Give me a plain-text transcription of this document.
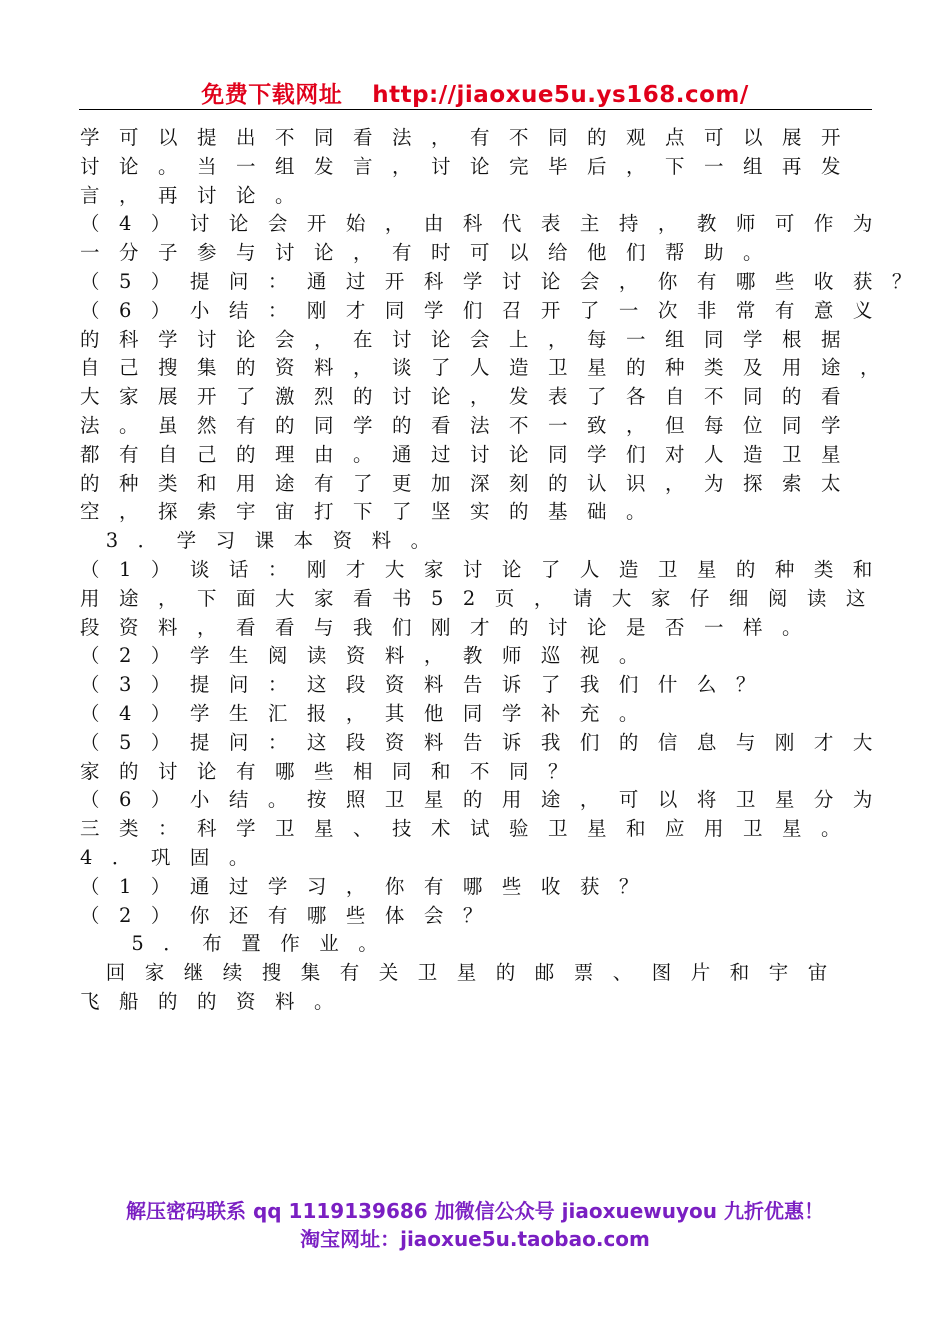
免费下载网址 http://jiaoxue5u.ys168.com/
学可以提出不同看法，有不同的观点可以展开
讨论。当一组发言，讨论完毕后，下一组再发
言，再讨论。
（4）讨论会开始，由科代表主持，教师可作为
一分子参与讨论，有时可以给他们帮助。
（5）提问：通过开科学讨论会，你有哪些收获？
（6）小结：刚才同学们召开了一次非常有意义
的科学讨论会，在讨论会上，每一组同学根据
自己搜集的资料，谈了人造卫星的种类及用途，
大家展开了激烈的讨论，发表了各自不同的看
法。虽然有的同学的看法不一致，但每位同学
都有自己的理由。通过讨论同学们对人造卫星
的种类和用途有了更加深刻的认识，为探索太
空，探索宇宙打下了坚实的基础。
3．学习课本资料。
（1）谈话：刚才大家讨论了人造卫星的种类和
用途，下面大家看书52页，请大家仔细阅读这
段资料，看看与我们刚才的讨论是否一样。
（2）学生阅读资料，教师巡视。
（3）提问：这段资料告诉了我们什么？
（4）学生汇报，其他同学补充。
（5）提问：这段资料告诉我们的信息与刚才大
家的讨论有哪些相同和不同？
（6）小结。按照卫星的用途，可以将卫星分为
三类：科学卫星、技术试验卫星和应用卫星。
4．巩固。
（1）通过学习，你有哪些收获？
（2）你还有哪些体会？
5．布置作业。
回家继续搜集有关卫星的邮票、图片和宇宙
飞船的的资料。
解压密码联系 qq 1119139686 加微信公众号 jiaoxuewuyou 九折优惠！
淘宝网址：jiaoxue5u.taobao.com
